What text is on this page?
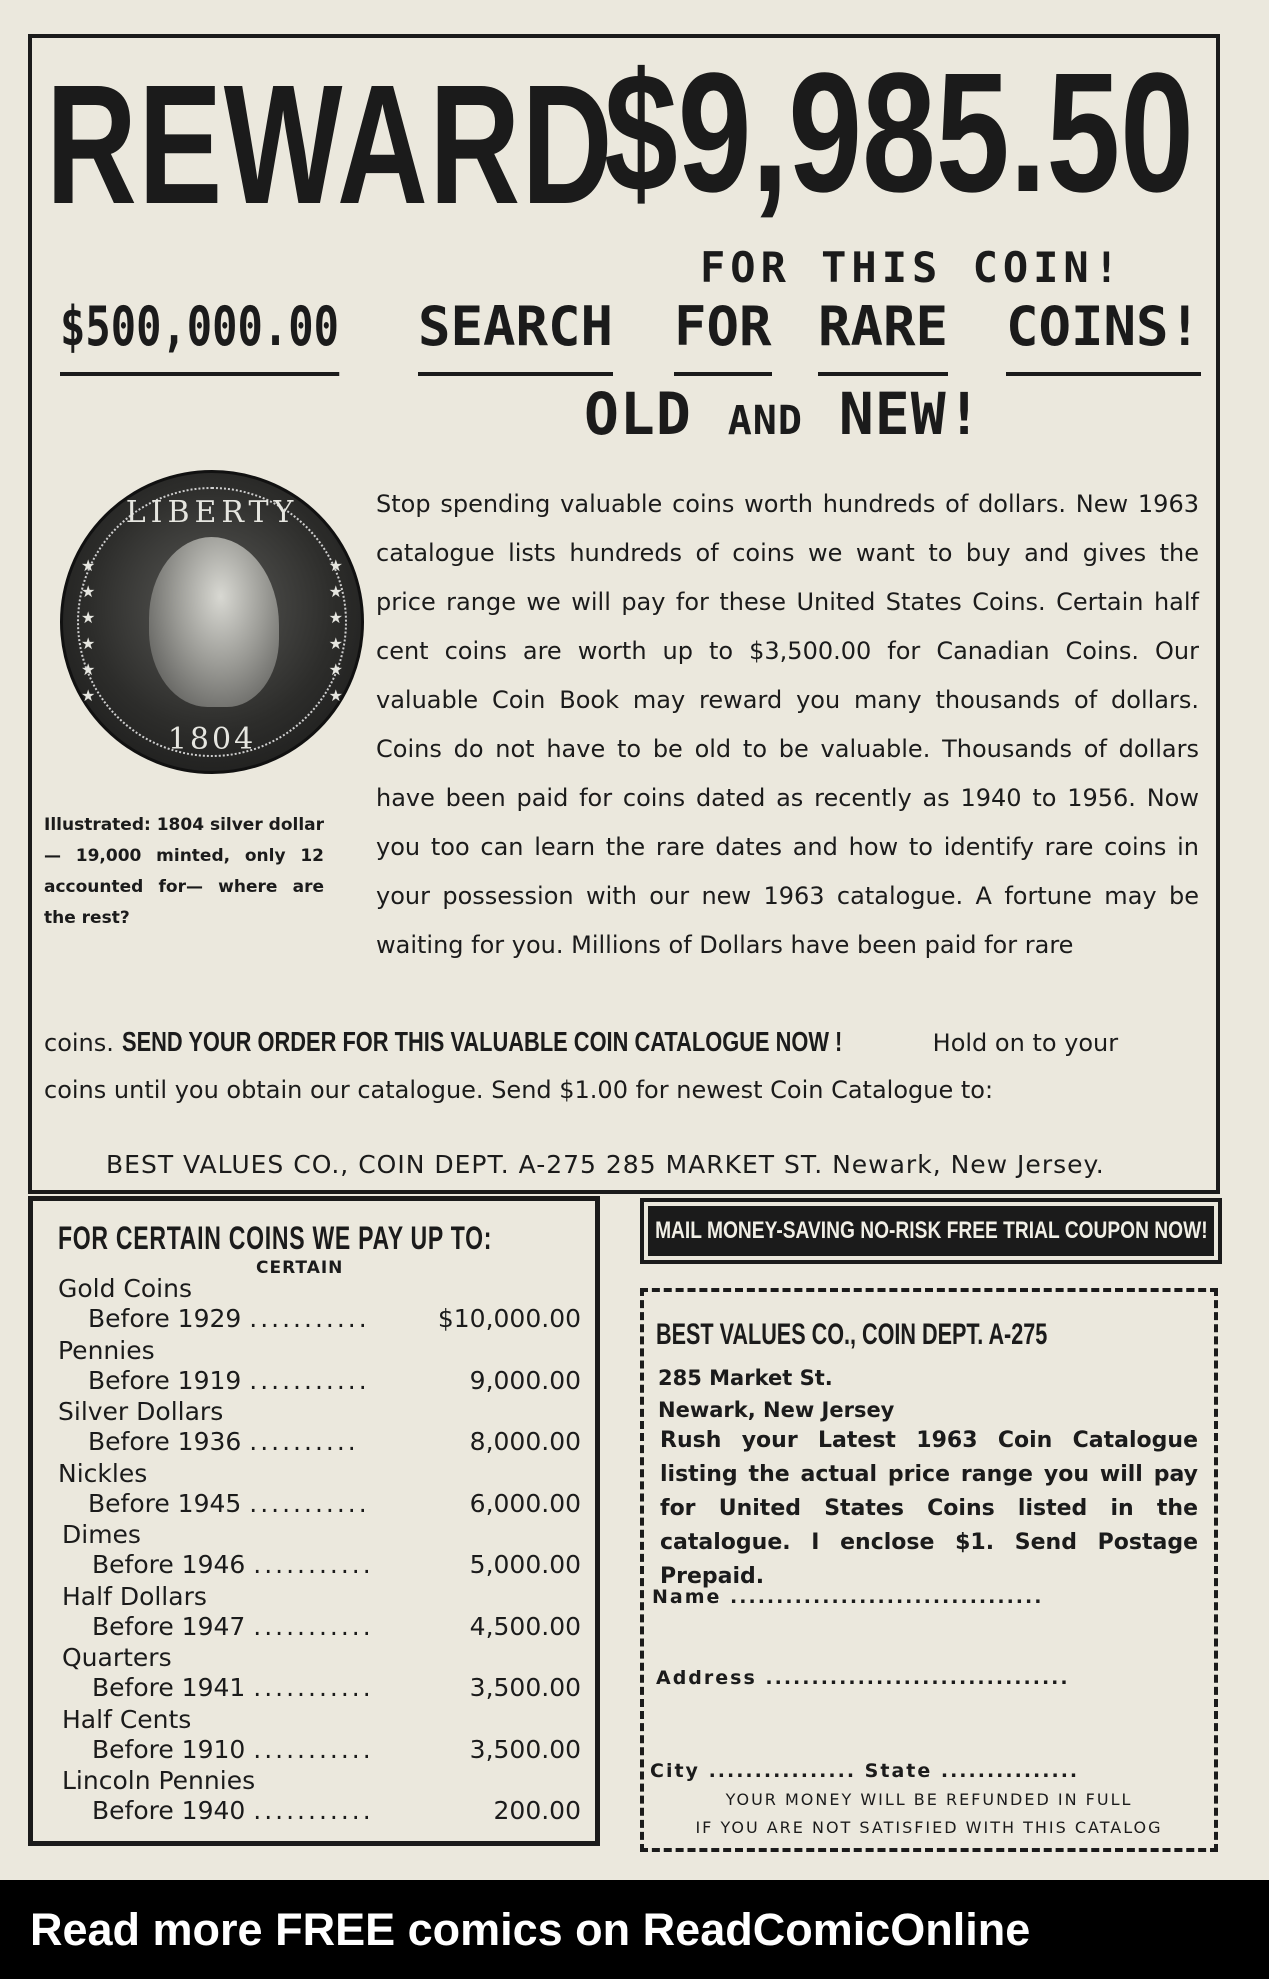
REWARD
$9,985.50
FOR THIS COIN!
$500,000.00 SEARCH FOR RARE COINS!
OLD AND NEW!
LIBERTY
★
★
★
★
★
★
★
★
★
★
★
★
1804
Illustrated: 1804 silver dollar — 19,000 minted, only 12 accounted for— where are the rest?
Stop spending valuable coins worth hundreds of dollars. New 1963 catalogue lists hundreds of coins we want to buy and gives the price range we will pay for these United States Coins. Certain half cent coins are worth up to $3,500.00 for Canadian Coins. Our valuable Coin Book may reward you many thousands of dollars. Coins do not have to be old to be valuable. Thousands of dollars have been paid for coins dated as recently as 1940 to 1956. Now you too can learn the rare dates and how to identify rare coins in your possession with our new 1963 catalogue. A fortune may be waiting for you. Millions of Dollars have been paid for rare
coins. SEND YOUR ORDER FOR THIS VALUABLE COIN CATALOGUE NOW !	Hold on to your
coins until you obtain our catalogue. Send $1.00 for newest Coin Catalogue to:
BEST VALUES CO., COIN DEPT. A-275 285 MARKET ST. Newark, New Jersey.
FOR CERTAIN COINS WE PAY UP TO:
CERTAIN
Gold Coins
Before 1929 ...........	$10,000.00
Pennies
Before 1919 ...........	9,000.00
Silver Dollars
Before 1936 ..........	8,000.00
Nickles
Before 1945 ...........	6,000.00
Dimes
Before 1946 ...........	5,000.00
Half Dollars
Before 1947 ...........	4,500.00
Quarters
Before 1941 ...........	3,500.00
Half Cents
Before 1910 ...........	3,500.00
Lincoln Pennies
Before 1940 ...........	200.00
MAIL MONEY-SAVING NO-RISK FREE TRIAL COUPON NOW!
BEST VALUES CO., COIN DEPT. A-275
285 Market St.
Newark, New Jersey
Rush your Latest 1963 Coin Catalogue listing the actual price range you will pay for United States Coins listed in the catalogue. I enclose $1. Send Postage Prepaid.
Name ..................................
Address .................................
City ................ State ...............
YOUR MONEY WILL BE REFUNDED IN FULL
IF YOU ARE NOT SATISFIED WITH THIS CATALOG
Read more FREE comics on ReadComicOnline
